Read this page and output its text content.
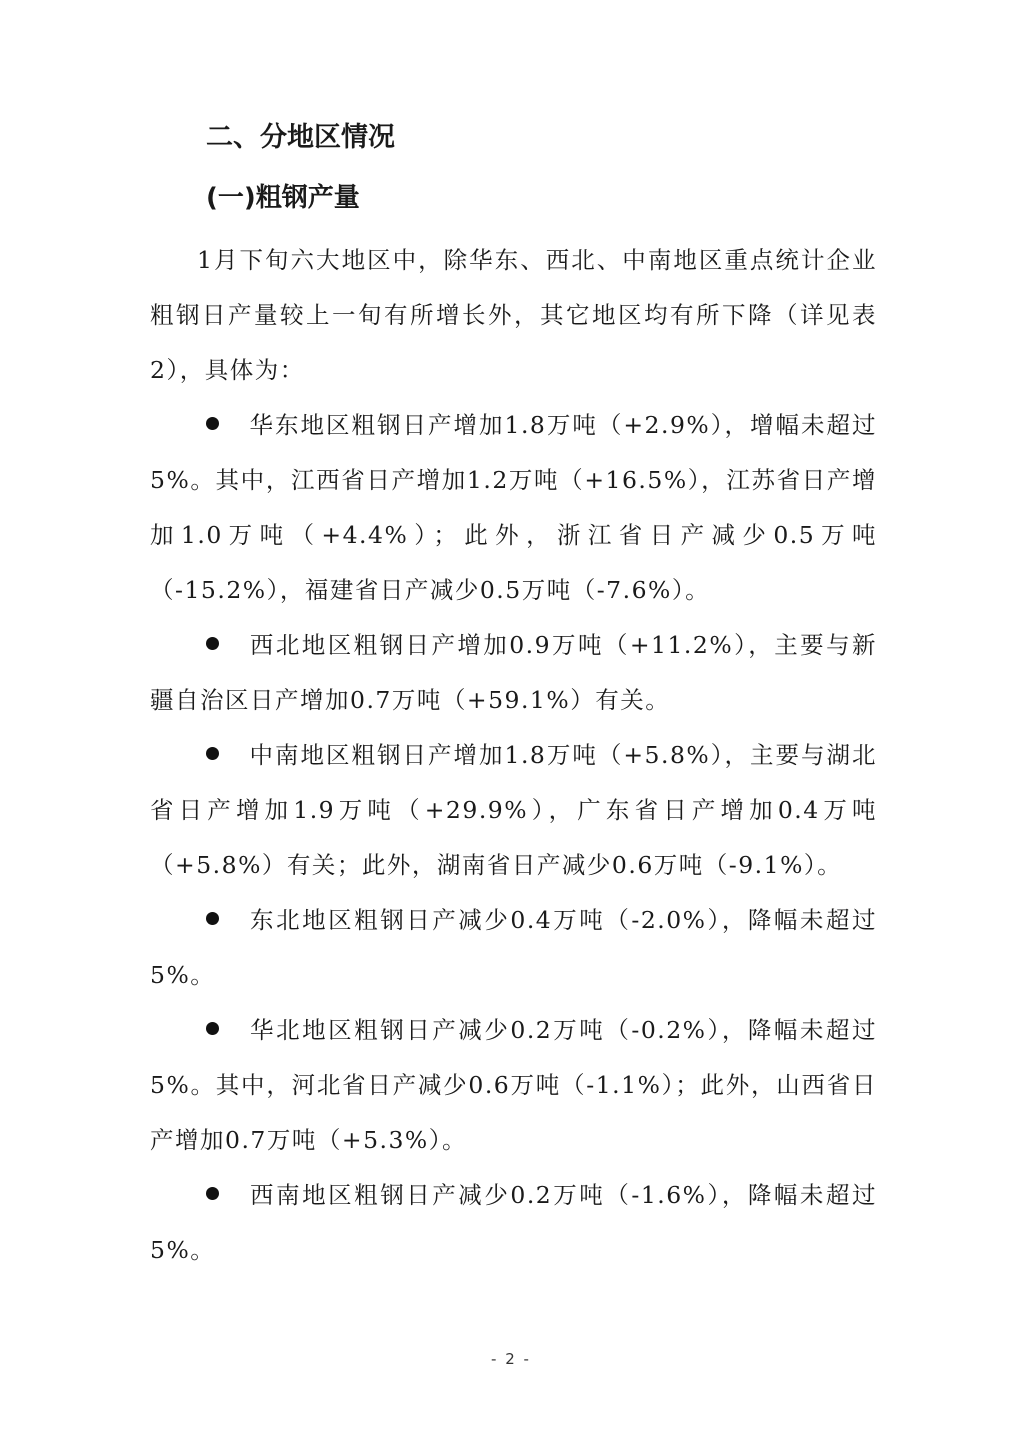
二、分地区情况
(一)粗钢产量

1月下旬六大地区中，除华东、西北、中南地区重点统计企业粗钢日产量较上一旬有所增长外，其它地区均有所下降（详见表2），具体为：

华东地区粗钢日产增加1.8万吨（+2.9%），增幅未超过5%。其中，江西省日产增加1.2万吨（+16.5%），江苏省日产增加1.0万吨（+4.4%）；此外，浙江省日产减少0.5万吨（-15.2%），福建省日产减少0.5万吨（-7.6%）。

西北地区粗钢日产增加0.9万吨（+11.2%），主要与新疆自治区日产增加0.7万吨（+59.1%）有关。

中南地区粗钢日产增加1.8万吨（+5.8%），主要与湖北省日产增加1.9万吨（+29.9%），广东省日产增加0.4万吨（+5.8%）有关；此外，湖南省日产减少0.6万吨（-9.1%）。

东北地区粗钢日产减少0.4万吨（-2.0%），降幅未超过5%。

华北地区粗钢日产减少0.2万吨（-0.2%），降幅未超过5%。其中，河北省日产减少0.6万吨（-1.1%）；此外，山西省日产增加0.7万吨（+5.3%）。

西南地区粗钢日产减少0.2万吨（-1.6%），降幅未超过5%。

- 2 -
